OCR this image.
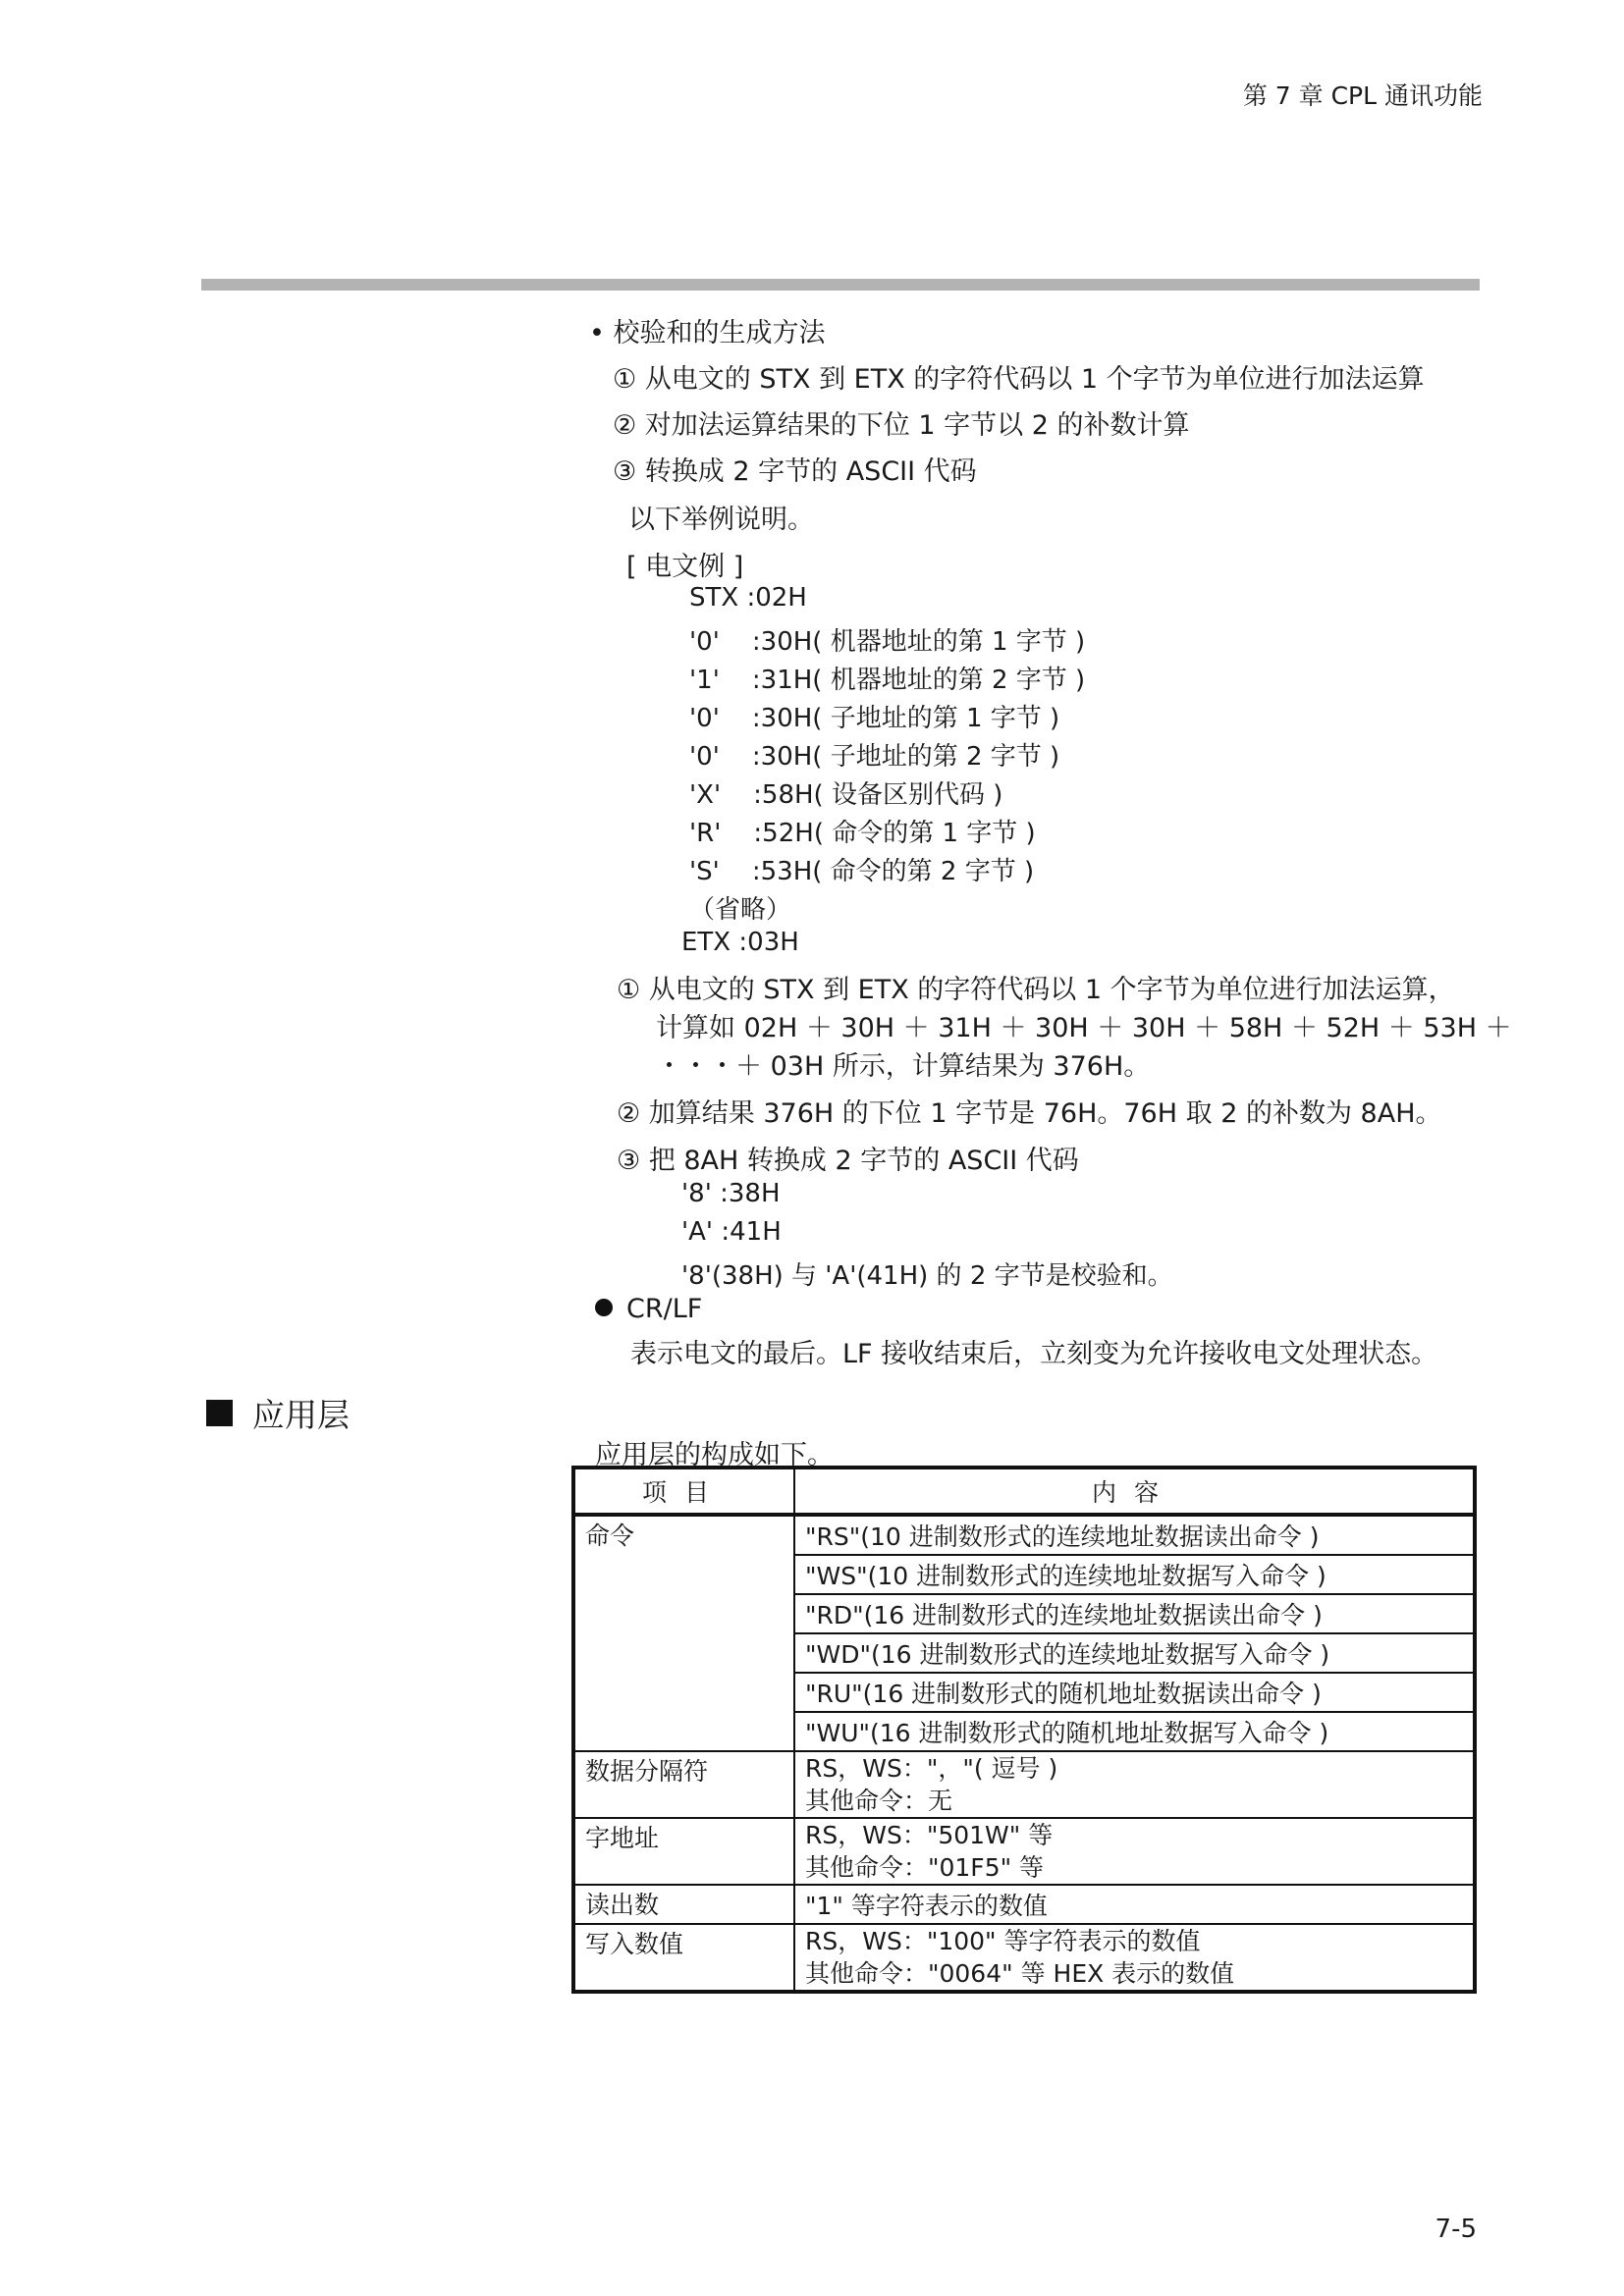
第 7 章 CPL 通讯功能
• 校验和的生成方法
① 从电文的 STX 到 ETX 的字符代码以 1 个字节为单位进行加法运算
② 对加法运算结果的下位 1 字节以 2 的补数计算
③ 转换成 2 字节的 ASCII 代码
以下举例说明。
[ 电文例 ]
STX :02H
'0'    :30H( 机器地址的第 1 字节 )
'1'    :31H( 机器地址的第 2 字节 )
'0'    :30H( 子地址的第 1 字节 )
'0'    :30H( 子地址的第 2 字节 )
'X'    :58H( 设备区别代码 )
'R'    :52H( 命令的第 1 字节 )
'S'    :53H( 命令的第 2 字节 )
（省略）
ETX :03H
① 从电文的 STX 到 ETX 的字符代码以 1 个字节为单位进行加法运算，
计算如 02H ＋ 30H ＋ 31H ＋ 30H ＋ 30H ＋ 58H ＋ 52H ＋ 53H ＋
・・・＋ 03H 所示，计算结果为 376H。
② 加算结果 376H 的下位 1 字节是 76H。76H 取 2 的补数为 8AH。
③ 把 8AH 转换成 2 字节的 ASCII 代码
'8' :38H
'A' :41H
'8'(38H) 与 'A'(41H) 的 2 字节是校验和。
CR/LF
表示电文的最后。LF 接收结束后，立刻变为允许接收电文处理状态。
应用层
应用层的构成如下。
项目	内容
命令	"RS"(10 进制数形式的连续地址数据读出命令 )
	"WS"(10 进制数形式的连续地址数据写入命令 )
	"RD"(16 进制数形式的连续地址数据读出命令 )
	"WD"(16 进制数形式的连续地址数据写入命令 )
	"RU"(16 进制数形式的随机地址数据读出命令 )
	"WU"(16 进制数形式的随机地址数据写入命令 )
数据分隔符	RS，WS："，"( 逗号 )
其他命令：无

字地址	RS，WS："501W" 等
其他命令："01F5" 等

读出数	"1" 等字符表示的数值
写入数值	RS，WS："100" 等字符表示的数值
其他命令："0064" 等 HEX 表示的数值
7-5
